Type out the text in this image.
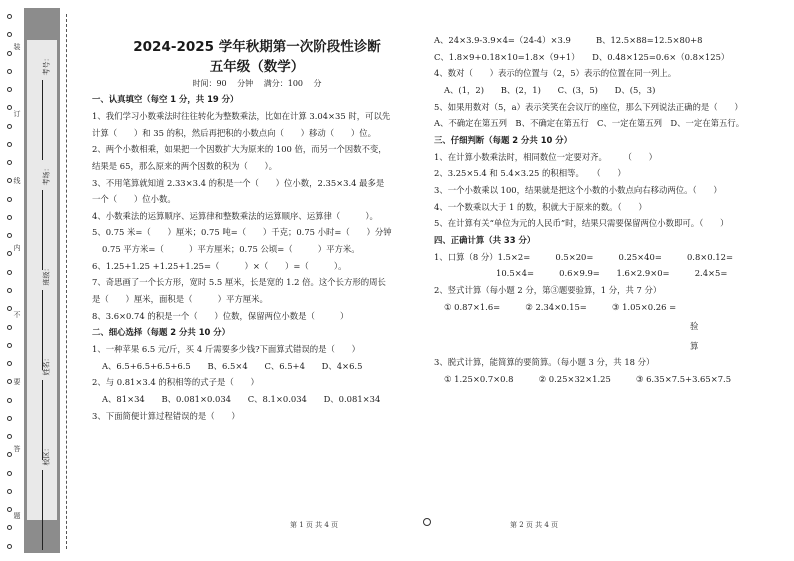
装
订
线
内
不
要
答
题
考号：
考场：
班级：
姓名：
校区：
2024-2025 学年秋期第一次阶段性诊断
五年级（数学）
时间：90 分钟 满分：100 分

一、认真填空（每空 1 分，共 19 分）

1、我们学习小数乘法时往往转化为整数乘法，比如在计算 3.04×35 时，可以先

计算（　　）和 35 的积，然后再把积的小数点向（　　）移动（　　）位。

2、两个小数相乘，如果把一个因数扩大为原来的 100 倍，而另一个因数不变，

结果是 65，那么原来的两个因数的积为（　　）。

3、不用笔算就知道 2.33×3.4 的积是一个（　　）位小数，2.35×3.4 最多是

一个（　　）位小数。

4、小数乘法的运算顺序、运算律和整数乘法的运算顺序、运算律（　　　）。

5、0.75 米=（　　）厘米；0.75 吨=（　　）千克；0.75 小时=（　　）分钟

0.75 平方米=（　　　）平方厘米；0.75 公顷=（　　　）平方米。

6、1.25+1.25 +1.25+1.25=（　　　）×（　　）=（　　　）。

7、奇思画了一个长方形，宽时 5.5 厘米，长是宽的 1.2 倍。这个长方形的周长

是（　　）厘米，面积是（　　　）平方厘米。

8、3.6×0.74 的积是一个（　　）位数，保留两位小数是（　　　）

二、细心选择（每题 2 分共 10 分）

1、一种苹果 6.5 元/斤，买 4 斤需要多少钱?下面算式错误的是（　　）

A、6.5+6.5+6.5+6.5　　B、6.5×4　　C、6.5+4　　D、4×6.5

2、与 0.81×3.4 的积相等的式子是（　　）

A、81×34　　B、0.081×0.034　　C、8.1×0.034　　D、0.081×34

3、下面简便计算过程错误的是（　　）

A、24×3.9-3.9×4=（24-4）×3.9　　　B、12.5×88=12.5×80+8

C、1.8×9+0.18×10=1.8×（9+1）　　D、0.48×125=0.6×（0.8×125）

4、数对（　　）表示的位置与（2，5）表示的位置在同一列上。

A、(1，2)　　B、(2，1)　　C、(3，5)　　D、(5，3)

5、如果用数对（5，a）表示笑笑在会议厅的座位，那么下列说法正确的是（　　）

A、不确定在第五列　B、不确定在第五行　C、一定在第五列　D、一定在第五行。

三、仔细判断（每题 2 分共 10 分）

1、在计算小数乘法时，相同数位一定要对齐。　　　（　　）

2、3.25×5.4 和 5.4×3.25 的积相等。　　（　　）

3、一个小数乘以 100，结果就是把这个小数的小数点向右移动两位。（　　）

4、一个数乘以大于 1 的数，积就大于原来的数。（　　）

5、在计算有关“单位为元的人民币”时，结果只需要保留两位小数即可。（　　）

四、正确计算（共 33 分）

1、口算（8 分）1.5×2=　　　0.5×20=　　　0.25×40=　　　0.8×0.12=

10.5×4=　　　0.6×9.9=　　1.6×2.9×0=　　　2.4×5=

2、竖式计算（每小题 2 分，第③题要验算，1 分，共 7 分）

① 0.87×1.6=　　　② 2.34×0.15=　　　③ 1.05×0.26 =

验

算

3、脱式计算，能简算的要简算。（每小题 3 分，共 18 分）

① 1.25×0.7×0.8　　　② 0.25×32×1.25　　　③ 6.35×7.5+3.65×7.5

第 1 页 共 4 页	第 2 页 共 4 页
